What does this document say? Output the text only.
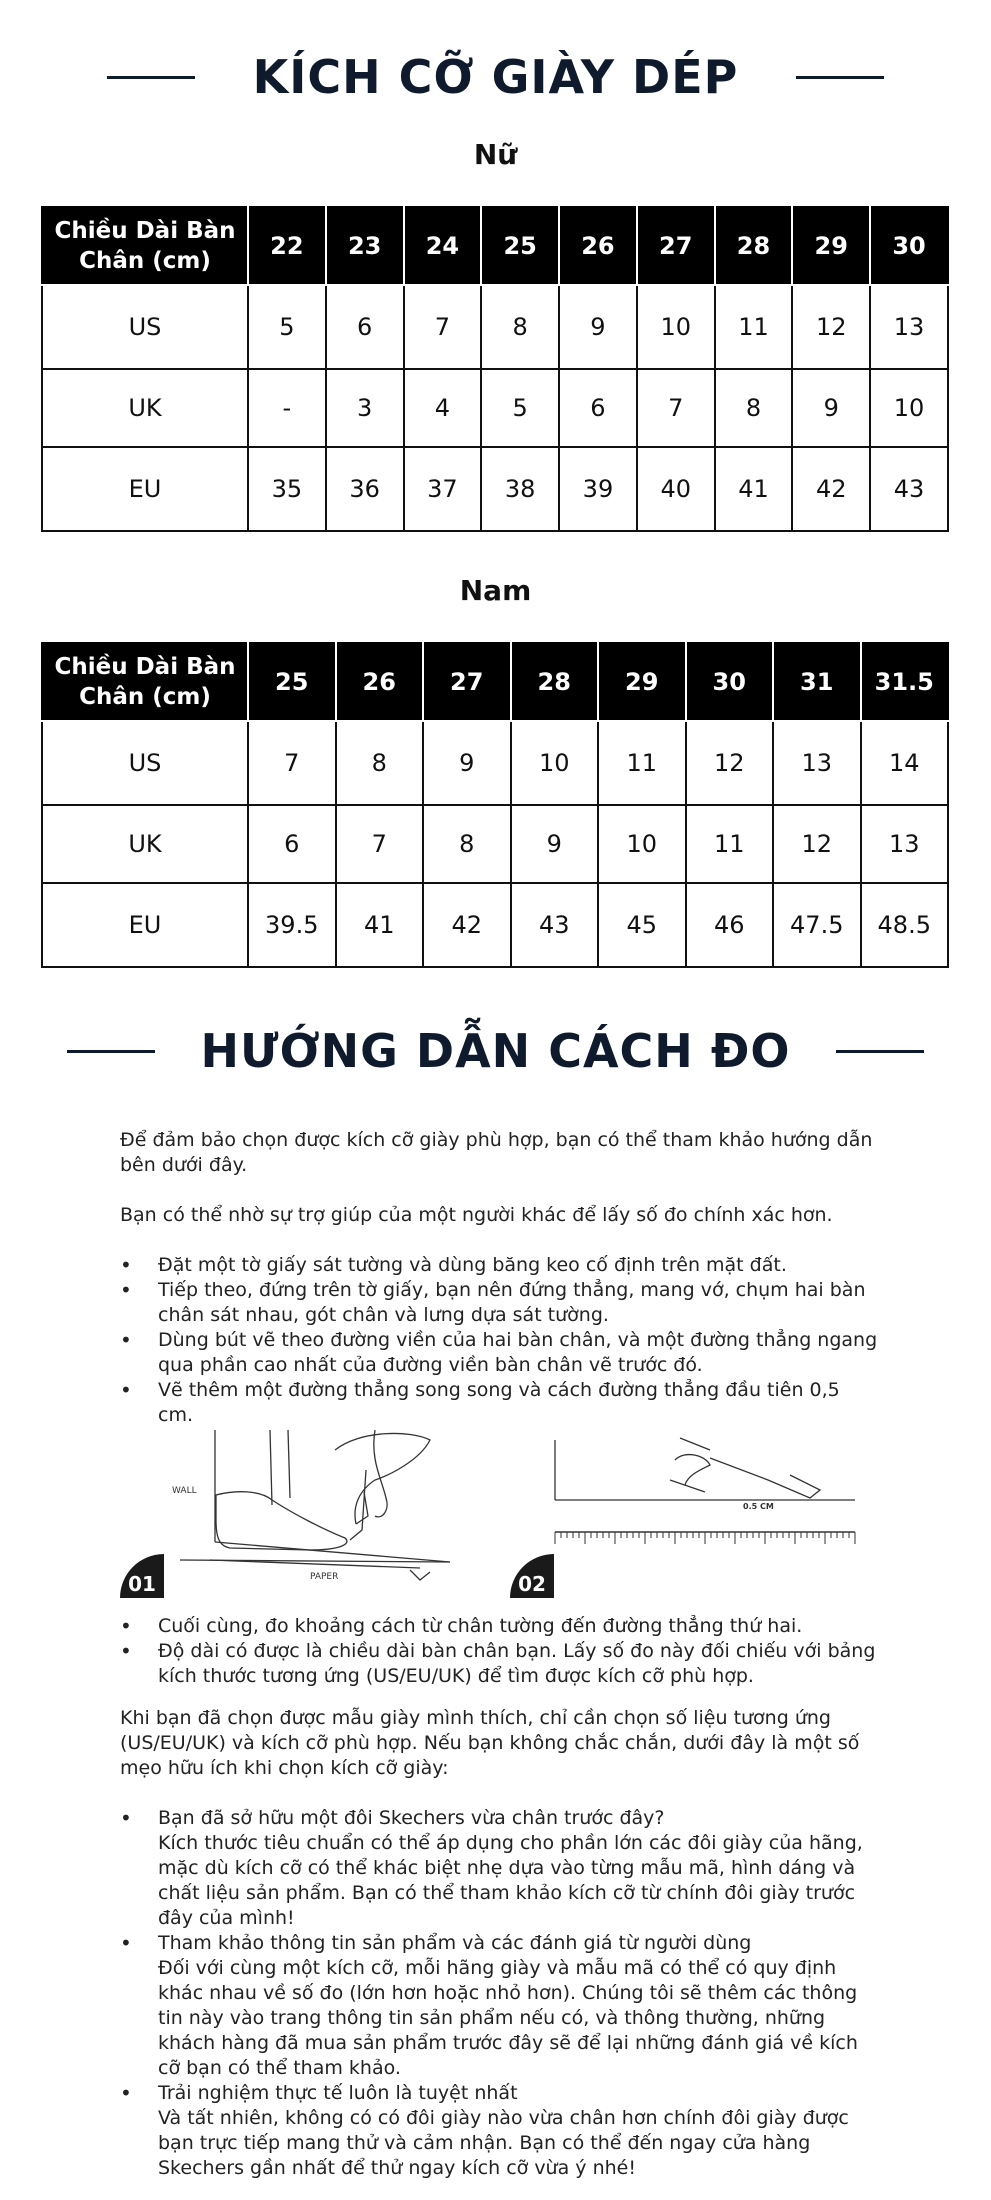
KÍCH CỠ GIÀY DÉP
Nữ
Chiều Dài Bàn Chân (cm)	22	23	24	25	26	27	28	29	30
US	5	6	7	8	9	10	11	12	13
UK	-	3	4	5	6	7	8	9	10
EU	35	36	37	38	39	40	41	42	43
Nam
Chiều Dài Bàn Chân (cm)	25	26	27	28	29	30	31	31.5
US	7	8	9	10	11	12	13	14
UK	6	7	8	9	10	11	12	13
EU	39.5	41	42	43	45	46	47.5	48.5
HƯỚNG DẪN CÁCH ĐO

Để đảm bảo chọn được kích cỡ giày phù hợp, bạn có thể tham khảo hướng dẫn bên dưới đây.

Bạn có thể nhờ sự trợ giúp của một người khác để lấy số đo chính xác hơn.

• Đặt một tờ giấy sát tường và dùng băng keo cố định trên mặt đất.
• Tiếp theo, đứng trên tờ giấy, bạn nên đứng thẳng, mang vớ, chụm hai bàn chân sát nhau, gót chân và lưng dựa sát tường.
• Dùng bút vẽ theo đường viền của hai bàn chân, và một đường thẳng ngang qua phần cao nhất của đường viền bàn chân vẽ trước đó.
• Vẽ thêm một đường thẳng song song và cách đường thẳng đầu tiên 0,5 cm.
WALL
PAPER
01
0.5 CM
02
• Cuối cùng, đo khoảng cách từ chân tường đến đường thẳng thứ hai.
• Độ dài có được là chiều dài bàn chân bạn. Lấy số đo này đối chiếu với bảng kích thước tương ứng (US/EU/UK) để tìm được kích cỡ phù hợp.

Khi bạn đã chọn được mẫu giày mình thích, chỉ cần chọn số liệu tương ứng (US/EU/UK) và kích cỡ phù hợp. Nếu bạn không chắc chắn, dưới đây là một số mẹo hữu ích khi chọn kích cỡ giày:

• Bạn đã sở hữu một đôi Skechers vừa chân trước đây?
Kích thước tiêu chuẩn có thể áp dụng cho phần lớn các đôi giày của hãng, mặc dù kích cỡ có thể khác biệt nhẹ dựa vào từng mẫu mã, hình dáng và chất liệu sản phẩm. Bạn có thể tham khảo kích cỡ từ chính đôi giày trước đây của mình!
• Tham khảo thông tin sản phẩm và các đánh giá từ người dùng
Đối với cùng một kích cỡ, mỗi hãng giày và mẫu mã có thể có quy định khác nhau về số đo (lớn hơn hoặc nhỏ hơn). Chúng tôi sẽ thêm các thông tin này vào trang thông tin sản phẩm nếu có, và thông thường, những khách hàng đã mua sản phẩm trước đây sẽ để lại những đánh giá về kích cỡ bạn có thể tham khảo.
• Trải nghiệm thực tế luôn là tuyệt nhất
Và tất nhiên, không có có đôi giày nào vừa chân hơn chính đôi giày được bạn trực tiếp mang thử và cảm nhận. Bạn có thể đến ngay cửa hàng Skechers gần nhất để thử ngay kích cỡ vừa ý nhé!
